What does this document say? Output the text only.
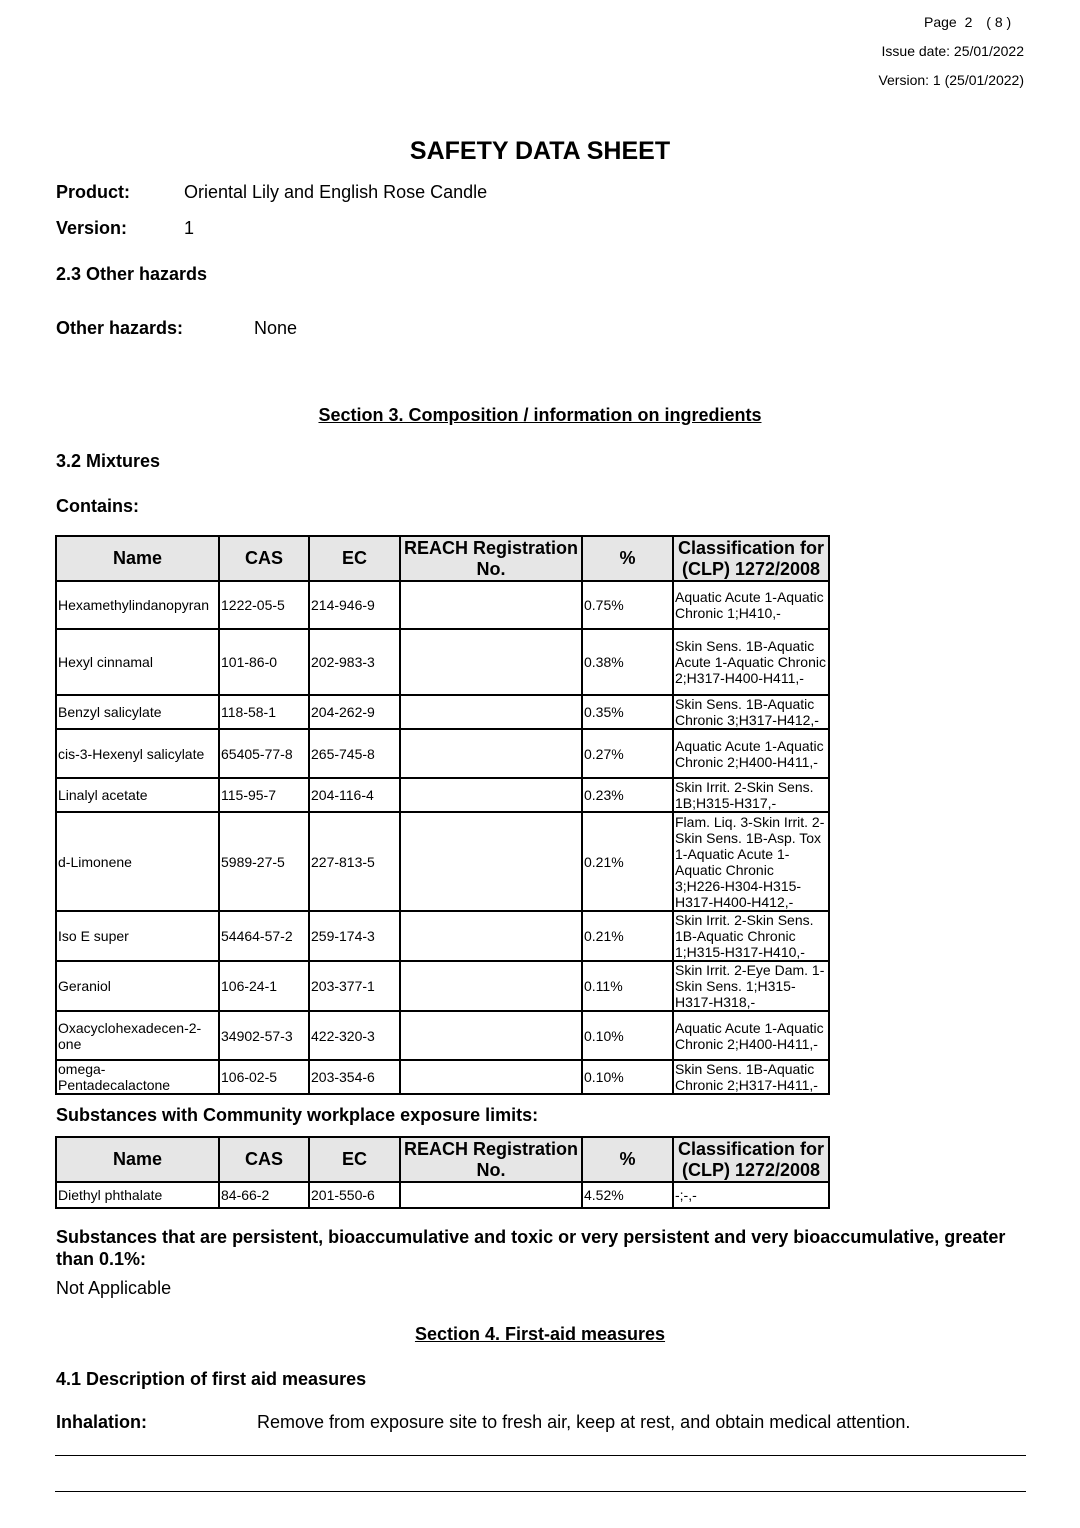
Page 2 ( 8 )
Issue date: 25/01/2022
Version: 1 (25/01/2022)
SAFETY DATA SHEET
Product:	Oriental Lily and English Rose Candle
Version:	1
2.3 Other hazards
Other hazards:	None
Section 3. Composition / information on ingredients
3.2 Mixtures
Contains:
Name	CAS	EC	REACH Registration No.	%	Classification for (CLP) 1272/2008
Hexamethylindanopyran	1222-05-5	214-946-9		0.75%	Aquatic Acute 1-Aquatic Chronic 1;H410,-
Hexyl cinnamal	101-86-0	202-983-3		0.38%	Skin Sens. 1B-Aquatic Acute 1-Aquatic Chronic 2;H317-H400-H411,-
Benzyl salicylate	118-58-1	204-262-9		0.35%	Skin Sens. 1B-Aquatic Chronic 3;H317-H412,-
cis-3-Hexenyl salicylate	65405-77-8	265-745-8		0.27%	Aquatic Acute 1-Aquatic Chronic 2;H400-H411,-
Linalyl acetate	115-95-7	204-116-4		0.23%	Skin Irrit. 2-Skin Sens. 1B;H315-H317,-
d-Limonene	5989-27-5	227-813-5		0.21%	Flam. Liq. 3-Skin Irrit. 2-Skin Sens. 1B-Asp. Tox 1-Aquatic Acute 1-Aquatic Chronic 3;H226-H304-H315-H317-H400-H412,-
Iso E super	54464-57-2	259-174-3		0.21%	Skin Irrit. 2-Skin Sens. 1B-Aquatic Chronic 1;H315-H317-H410,-
Geraniol	106-24-1	203-377-1		0.11%	Skin Irrit. 2-Eye Dam. 1-Skin Sens. 1;H315-H317-H318,-
Oxacyclohexadecen-2-one	34902-57-3	422-320-3		0.10%	Aquatic Acute 1-Aquatic Chronic 2;H400-H411,-
omega-Pentadecalactone	106-02-5	203-354-6		0.10%	Skin Sens. 1B-Aquatic Chronic 2;H317-H411,-
Substances with Community workplace exposure limits:
Name	CAS	EC	REACH Registration No.	%	Classification for (CLP) 1272/2008
Diethyl phthalate	84-66-2	201-550-6		4.52%	-;-,-
Substances that are persistent, bioaccumulative and toxic or very persistent and very bioaccumulative, greater than 0.1%:
Not Applicable
Section 4. First-aid measures
4.1 Description of first aid measures
Inhalation:	Remove from exposure site to fresh air, keep at rest, and obtain medical attention.
